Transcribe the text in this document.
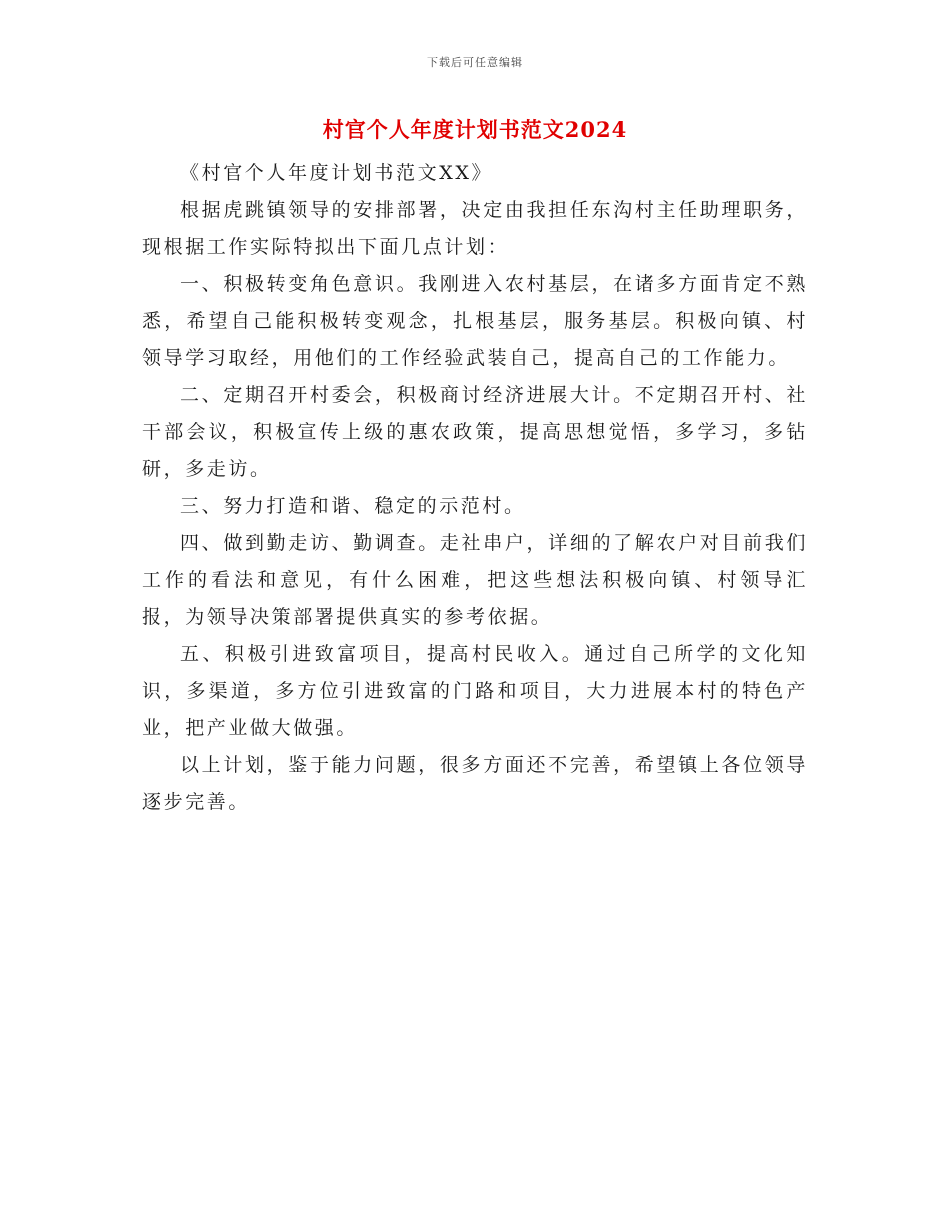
下载后可任意编辑
村官个人年度计划书范文2024

《村官个人年度计划书范文XX》

根据虎跳镇领导的安排部署，决定由我担任东沟村主任助理职务，现根据工作实际特拟出下面几点计划：

一、积极转变角色意识。我刚进入农村基层，在诸多方面肯定不熟悉，希望自己能积极转变观念，扎根基层，服务基层。积极向镇、村领导学习取经，用他们的工作经验武装自己，提高自己的工作能力。

二、定期召开村委会，积极商讨经济进展大计。不定期召开村、社干部会议，积极宣传上级的惠农政策，提高思想觉悟，多学习，多钻研，多走访。

三、努力打造和谐、稳定的示范村。

四、做到勤走访、勤调查。走社串户，详细的了解农户对目前我们工作的看法和意见，有什么困难，把这些想法积极向镇、村领导汇报，为领导决策部署提供真实的参考依据。

五、积极引进致富项目，提高村民收入。通过自己所学的文化知识，多渠道，多方位引进致富的门路和项目，大力进展本村的特色产业，把产业做大做强。

以上计划，鉴于能力问题，很多方面还不完善，希望镇上各位领导逐步完善。
